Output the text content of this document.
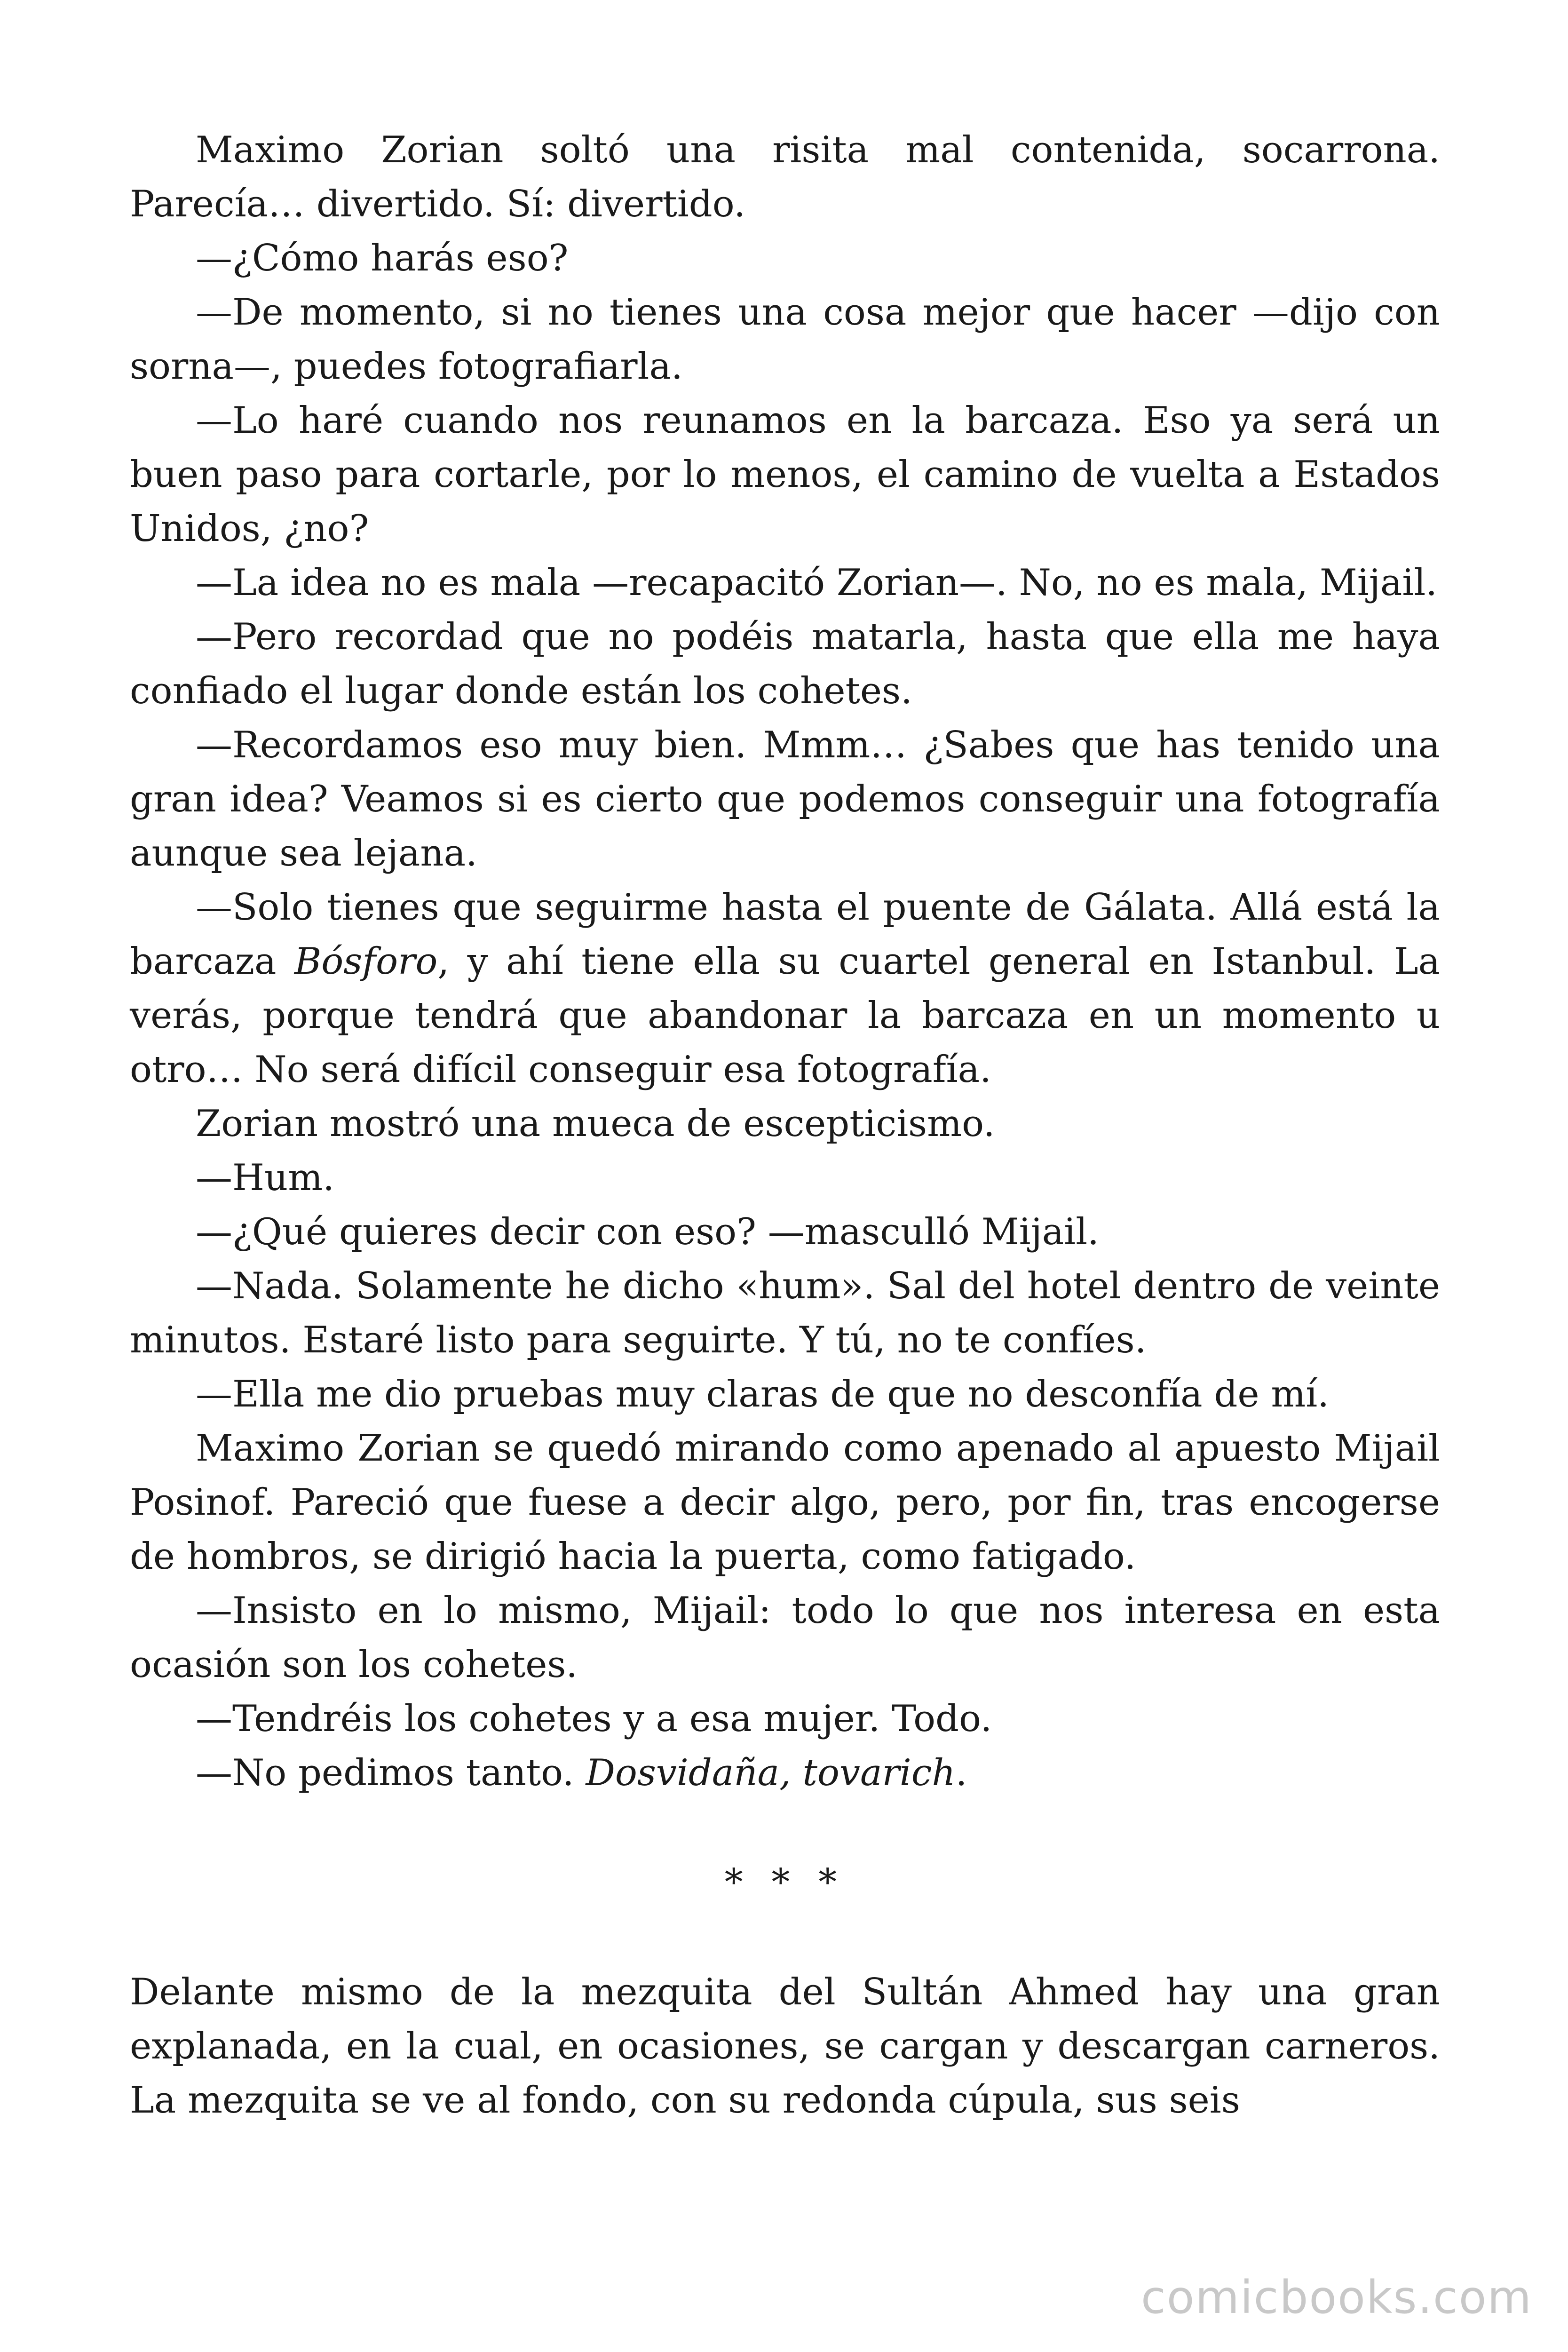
Maximo Zorian soltó una risita mal contenida, socarrona. Parecía… divertido. Sí: divertido.

—¿Cómo harás eso?

—De momento, si no tienes una cosa mejor que hacer —dijo con sorna—, puedes fotografiarla.

—Lo haré cuando nos reunamos en la barcaza. Eso ya será un buen paso para cortarle, por lo menos, el camino de vuelta a Estados Unidos, ¿no?

—La idea no es mala —recapacitó Zorian—. No, no es mala, Mijail.

—Pero recordad que no podéis matarla, hasta que ella me haya confiado el lugar donde están los cohetes.

—Recordamos eso muy bien. Mmm… ¿Sabes que has tenido una gran idea? Veamos si es cierto que podemos conseguir una fotografía aunque sea lejana.

—Solo tienes que seguirme hasta el puente de Gálata. Allá está la barcaza Bósforo, y ahí tiene ella su cuartel general en Istanbul. La verás, porque tendrá que abandonar la barcaza en un momento u otro… No será difícil conseguir esa fotografía.

Zorian mostró una mueca de escepticismo.

—Hum.

—¿Qué quieres decir con eso? —masculló Mijail.

—Nada. Solamente he dicho «hum». Sal del hotel dentro de veinte minutos. Estaré listo para seguirte. Y tú, no te confíes.

—Ella me dio pruebas muy claras de que no desconfía de mí.

Maximo Zorian se quedó mirando como apenado al apuesto Mijail Posinof. Pareció que fuese a decir algo, pero, por fin, tras encogerse de hombros, se dirigió hacia la puerta, como fatigado.

—Insisto en lo mismo, Mijail: todo lo que nos interesa en esta ocasión son los cohetes.

—Tendréis los cohetes y a esa mujer. Todo.

—No pedimos tanto. Dosvidaña, tovarich.

* * *

Delante mismo de la mezquita del Sultán Ahmed hay una gran explanada, en la cual, en ocasiones, se cargan y descargan carneros. La mezquita se ve al fondo, con su redonda cúpula, sus seis

comicbooks.com
